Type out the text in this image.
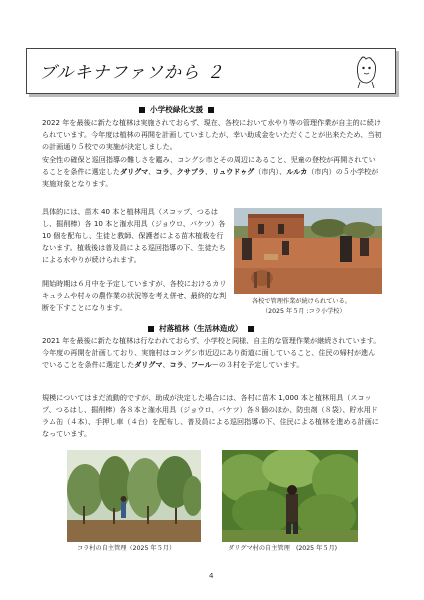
ブルキナファソから ２
小学校緑化支援

2022 年を最後に新たな植林は実施されておらず、現在、各校において水やり等の管理作業が自主的に続けられています。今年度は植林の再開を計画していましたが、幸い助成金をいただくことが出来たため、当初の計画通り５校での実施が決定しました。

安全性の確保と巡回指導の難しさを鑑み、コングシ市とその周辺にあること、児童の登校が再開されていることを条件に選定したダリグマ、コラ、クサプラ、リュウドゥグ（市内）、ルルカ（市内）の５小学校が実施対象となります。

具体的には、苗木 40 本と植林用具（スコップ、つるはし、掘削棒）各 10 本と潅水用具（ジョウロ、バケツ）各 10 個を配布し、生徒と教師、保護者による苗木植栽を行ないます。植栽後は普及員による巡回指導の下、生徒たちによる水やりが続けられます。

開始時期は６月中を予定していますが、各校におけるカリキュラムや村々の農作業の状況等を考え併せ、最終的な判断を下すことになります。

各校で管理作業が続けられている。
（2025 年５月 :コラ小学校）
村落植林（生活林造成）

2021 年を最後に新たな植林は行なわれておらず、小学校と同様、自主的な管理作業が継続されています。今年度の再開を計画しており、実施村はコングシ市近辺にあり街道に面していること、住民の帰村が進んでいることを条件に選定したダリグマ、コラ、フールーの３村を予定しています。

規模についてはまだ流動的ですが、助成が決定した場合には、各村に苗木 1,000 本と植林用具（スコップ、つるはし、掘削棒）各８本と潅水用具（ジョウロ、バケツ）各８個のほか、防虫剤（８袋）、貯水用ドラム缶（４本）、手押し車（４台）を配布し、普及員による巡回指導の下、住民による植林を進める計画になっています。

コラ村の自主管理（2025 年５月）	ダリグマ村の自主管理　(2025 年５月)
4
